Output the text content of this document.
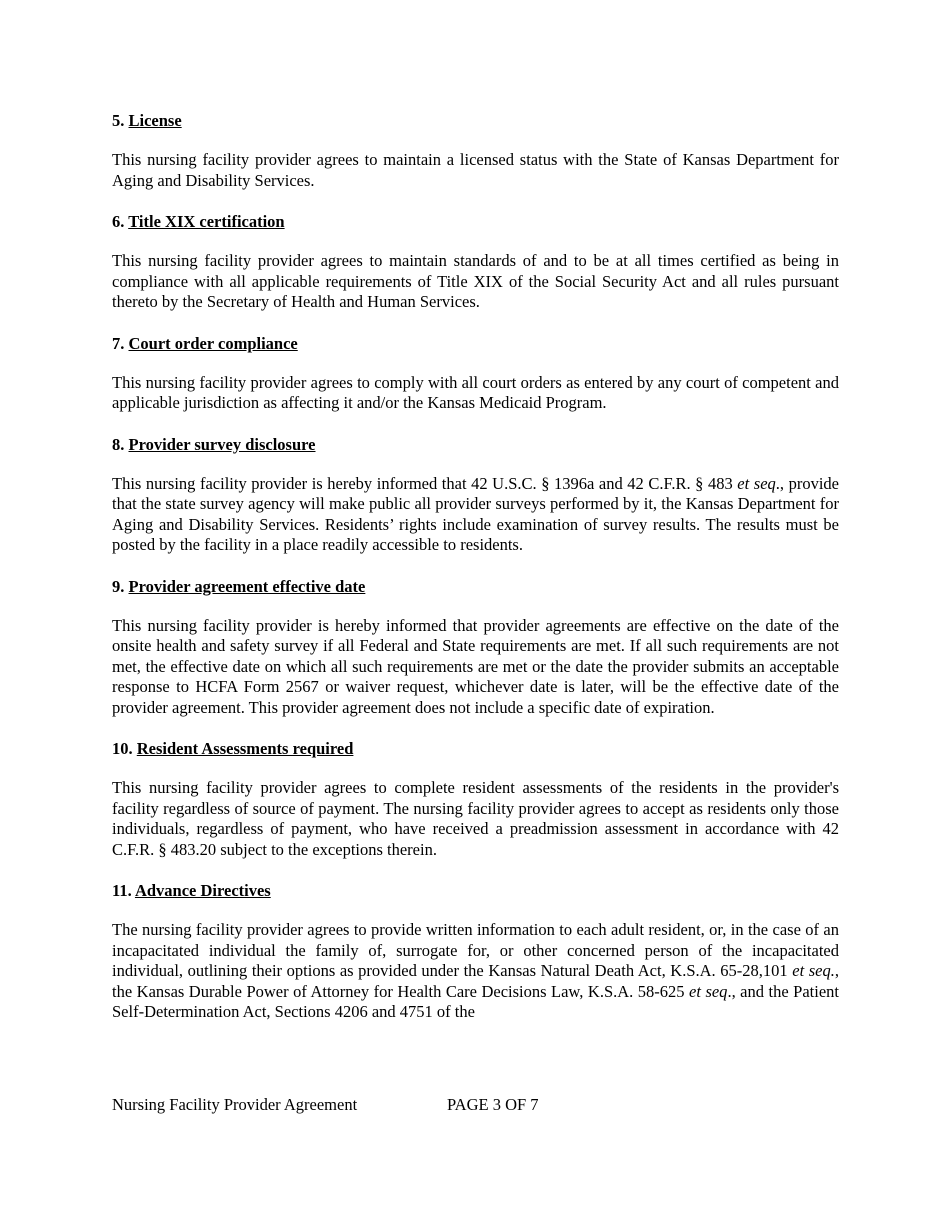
5. License

This nursing facility provider agrees to maintain a licensed status with the State of Kansas Department for Aging and Disability Services.

6. Title XIX certification

This nursing facility provider agrees to maintain standards of and to be at all times certified as being in compliance with all applicable requirements of Title XIX of the Social Security Act and all rules pursuant thereto by the Secretary of Health and Human Services.

7. Court order compliance

This nursing facility provider agrees to comply with all court orders as entered by any court of competent and applicable jurisdiction as affecting it and/or the Kansas Medicaid Program.

8. Provider survey disclosure

This nursing facility provider is hereby informed that 42 U.S.C. § 1396a and 42 C.F.R. § 483 et seq., provide that the state survey agency will make public all provider surveys performed by it, the Kansas Department for Aging and Disability Services. Residents’ rights include examination of survey results. The results must be posted by the facility in a place readily accessible to residents.

9. Provider agreement effective date

This nursing facility provider is hereby informed that provider agreements are effective on the date of the onsite health and safety survey if all Federal and State requirements are met. If all such requirements are not met, the effective date on which all such requirements are met or the date the provider submits an acceptable response to HCFA Form 2567 or waiver request, whichever date is later, will be the effective date of the provider agreement. This provider agreement does not include a specific date of expiration.

10. Resident Assessments required

This nursing facility provider agrees to complete resident assessments of the residents in the provider's facility regardless of source of payment. The nursing facility provider agrees to accept as residents only those individuals, regardless of payment, who have received a preadmission assessment in accordance with 42 C.F.R. § 483.20 subject to the exceptions therein.

11. Advance Directives

The nursing facility provider agrees to provide written information to each adult resident, or, in the case of an incapacitated individual the family of, surrogate for, or other concerned person of the incapacitated individual, outlining their options as provided under the Kansas Natural Death Act, K.S.A. 65-28,101 et seq., the Kansas Durable Power of Attorney for Health Care Decisions Law, K.S.A. 58-625 et seq., and the Patient Self-Determination Act, Sections 4206 and 4751 of the

Nursing Facility Provider Agreement	PAGE 3 OF 7
